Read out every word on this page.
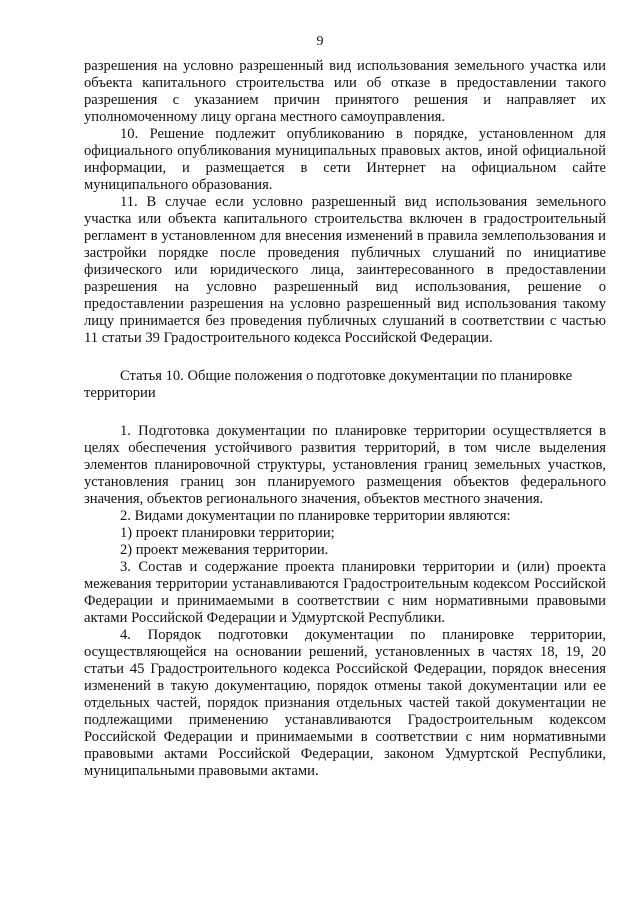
9

разрешения на условно разрешенный вид использования земельного участка или объекта капитального строительства или об отказе в предоставлении такого разрешения с указанием причин принятого решения и направляет их уполномоченному лицу органа местного самоуправления.

10. Решение подлежит опубликованию в порядке, установленном для официального опубликования муниципальных правовых актов, иной официальной информации, и размещается в сети Интернет на официальном сайте муниципального образования.

11. В случае если условно разрешенный вид использования земельного участка или объекта капитального строительства включен в градостроительный регламент в установленном для внесения изменений в правила землепользования и застройки порядке после проведения публичных слушаний по инициативе физического или юридического лица, заинтересованного в предоставлении разрешения на условно разрешенный вид использования, решение о предоставлении разрешения на условно разрешенный вид использования такому лицу принимается без проведения публичных слушаний в соответствии с частью 11 статьи 39 Градостроительного кодекса Российской Федерации.

Статья 10. Общие положения о подготовке документации по планировке территории

1. Подготовка документации по планировке территории осуществляется в целях обеспечения устойчивого развития территорий, в том числе выделения элементов планировочной структуры, установления границ земельных участков, установления границ зон планируемого размещения объектов федерального значения, объектов регионального значения, объектов местного значения.

2. Видами документации по планировке территории являются:

1) проект планировки территории;

2) проект межевания территории.

3. Состав и содержание проекта планировки территории и (или) проекта межевания территории устанавливаются Градостроительным кодексом Российской Федерации и принимаемыми в соответствии с ним нормативными правовыми актами Российской Федерации и Удмуртской Республики.

4. Порядок подготовки документации по планировке территории, осуществляющейся на основании решений, установленных в частях 18, 19, 20 статьи 45 Градостроительного кодекса Российской Федерации, порядок внесения изменений в такую документацию, порядок отмены такой документации или ее отдельных частей, порядок признания отдельных частей такой документации не подлежащими применению устанавливаются Градостроительным кодексом Российской Федерации и принимаемыми в соответствии с ним нормативными правовыми актами Российской Федерации, законом Удмуртской Республики, муниципальными правовыми актами.
